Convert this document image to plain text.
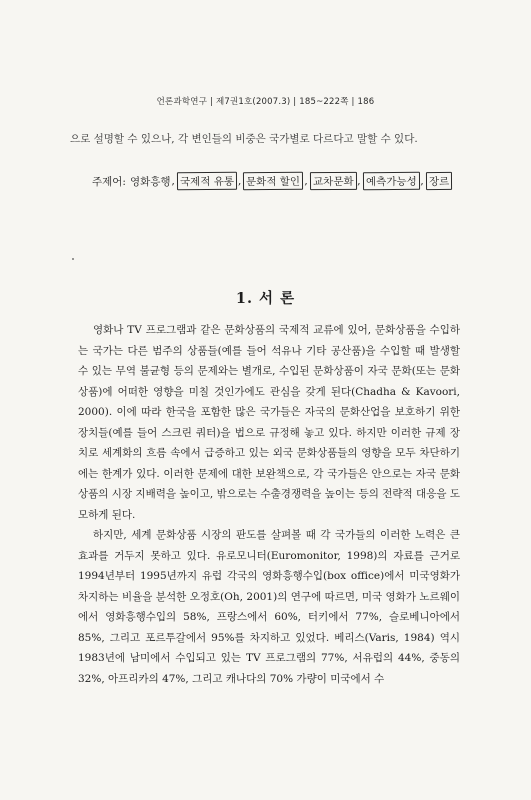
언론과학연구 | 제7권1호(2007.3) | 185~222쪽 | 186
으로 설명할 수 있으나, 각 변인들의 비중은 국가별로 다르다고 말할 수 있다.
주제어: 영화흥행 , 국제적 유통 , 문화적 할인 , 교차문화 , 예측가능성 , 장르
1. 서 론

영화나 TV 프로그램과 같은 문화상품의 국제적 교류에 있어, 문화상품을 수입하는 국가는 다른 범주의 상품들(예를 들어 석유나 기타 공산품)을 수입할 때 발생할 수 있는 무역 불균형 등의 문제와는 별개로, 수입된 문화상품이 자국 문화(또는 문화상품)에 어떠한 영향을 미칠 것인가에도 관심을 갖게 된다(Chadha & Kavoori, 2000). 이에 따라 한국을 포함한 많은 국가들은 자국의 문화산업을 보호하기 위한 장치들(예를 들어 스크린 쿼터)을 법으로 규정해 놓고 있다. 하지만 이러한 규제 장치로 세계화의 흐름 속에서 급증하고 있는 외국 문화상품들의 영향을 모두 차단하기에는 한계가 있다. 이러한 문제에 대한 보완책으로, 각 국가들은 안으로는 자국 문화상품의 시장 지배력을 높이고, 밖으로는 수출경쟁력을 높이는 등의 전략적 대응을 도모하게 된다.

하지만, 세계 문화상품 시장의 판도를 살펴볼 때 각 국가들의 이러한 노력은 큰 효과를 거두지 못하고 있다. 유로모니터(Euromonitor, 1998)의 자료를 근거로 1994년부터 1995년까지 유럽 각국의 영화흥행수입(box office)에서 미국영화가 차지하는 비율을 분석한 오정호(Oh, 2001)의 연구에 따르면, 미국 영화가 노르웨이에서 영화흥행수입의 58%, 프랑스에서 60%, 터키에서 77%, 슬로베니아에서 85%, 그리고 포르투갈에서 95%를 차지하고 있었다. 베리스(Varis, 1984) 역시 1983년에 남미에서 수입되고 있는 TV 프로그램의 77%, 서유럽의 44%, 중동의 32%, 아프리카의 47%, 그리고 캐나다의 70% 가량이 미국에서 수
